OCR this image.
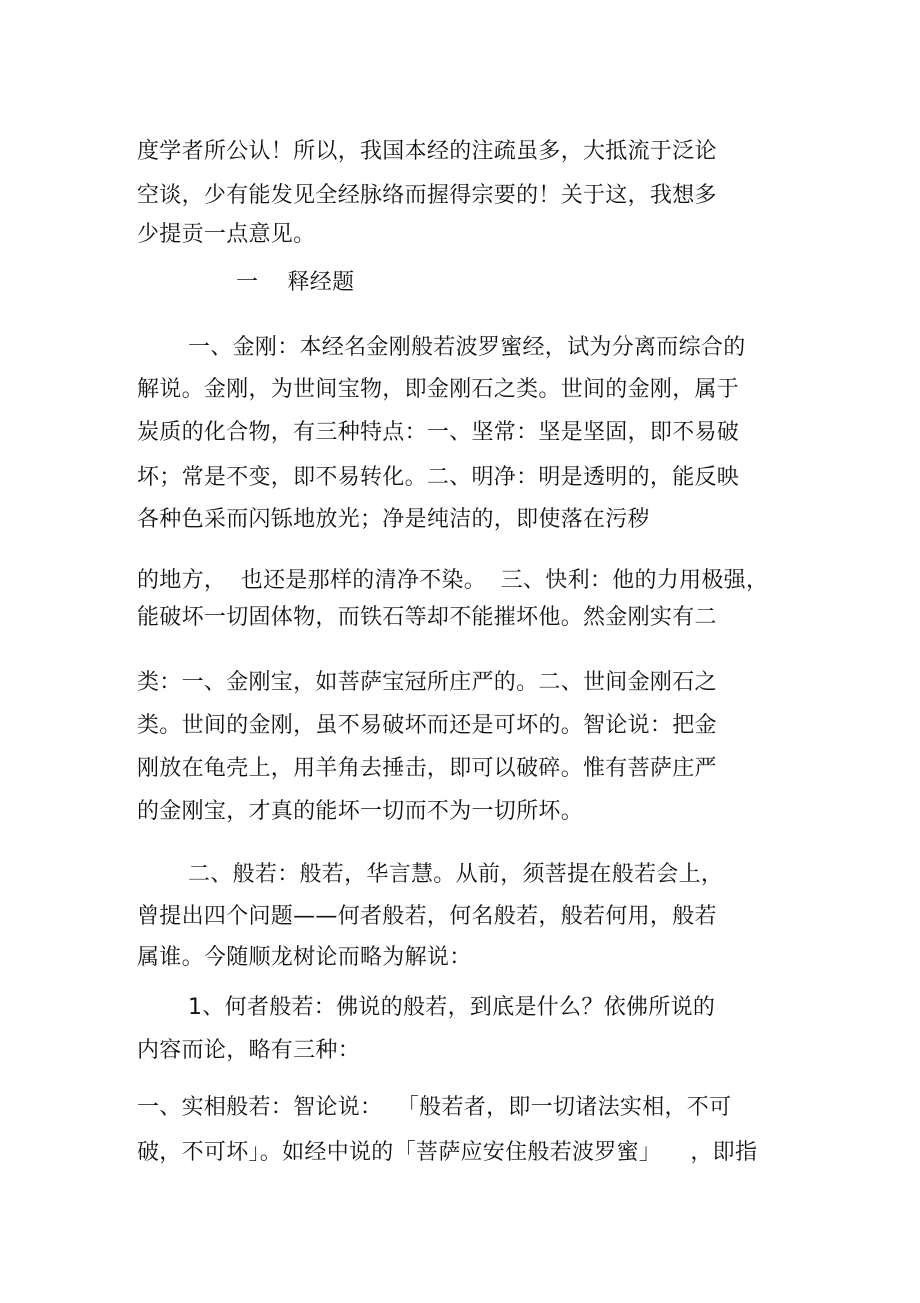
度学者所公认！所以，我国本经的注疏虽多，大抵流于泛论
空谈，少有能发见全经脉络而握得宗要的！关于这，我想多
少提贡一点意见。
一    释经题
一、金刚：本经名金刚般若波罗蜜经，试为分离而综合的
解说。金刚，为世间宝物，即金刚石之类。世间的金刚，属于
炭质的化合物，有三种特点：一、坚常：坚是坚固，即不易破
坏；常是不变，即不易转化。二、明净：明是透明的，能反映
各种色采而闪铄地放光；净是纯洁的，即使落在污秽
的地方，  也还是那样的清净不染。  三、快利：他的力用极强，
能破坏一切固体物，而铁石等却不能摧坏他。然金刚实有二
类：一、金刚宝，如菩萨宝冠所庄严的。二、世间金刚石之
类。世间的金刚，虽不易破坏而还是可坏的。智论说：把金
刚放在龟壳上，用羊角去捶击，即可以破碎。惟有菩萨庄严
的金刚宝，才真的能坏一切而不为一切所坏。
二、般若：般若，华言慧。从前，须菩提在般若会上，
曾提出四个问题——何者般若，何名般若，般若何用，般若
属谁。今随顺龙树论而略为解说：
1、何者般若：佛说的般若，到底是什么？依佛所说的
内容而论，略有三种：
一、实相般若：智论说：  「般若者，即一切诸法实相，不可
破，不可坏」。如经中说的「菩萨应安住般若波罗蜜」    ，即指
